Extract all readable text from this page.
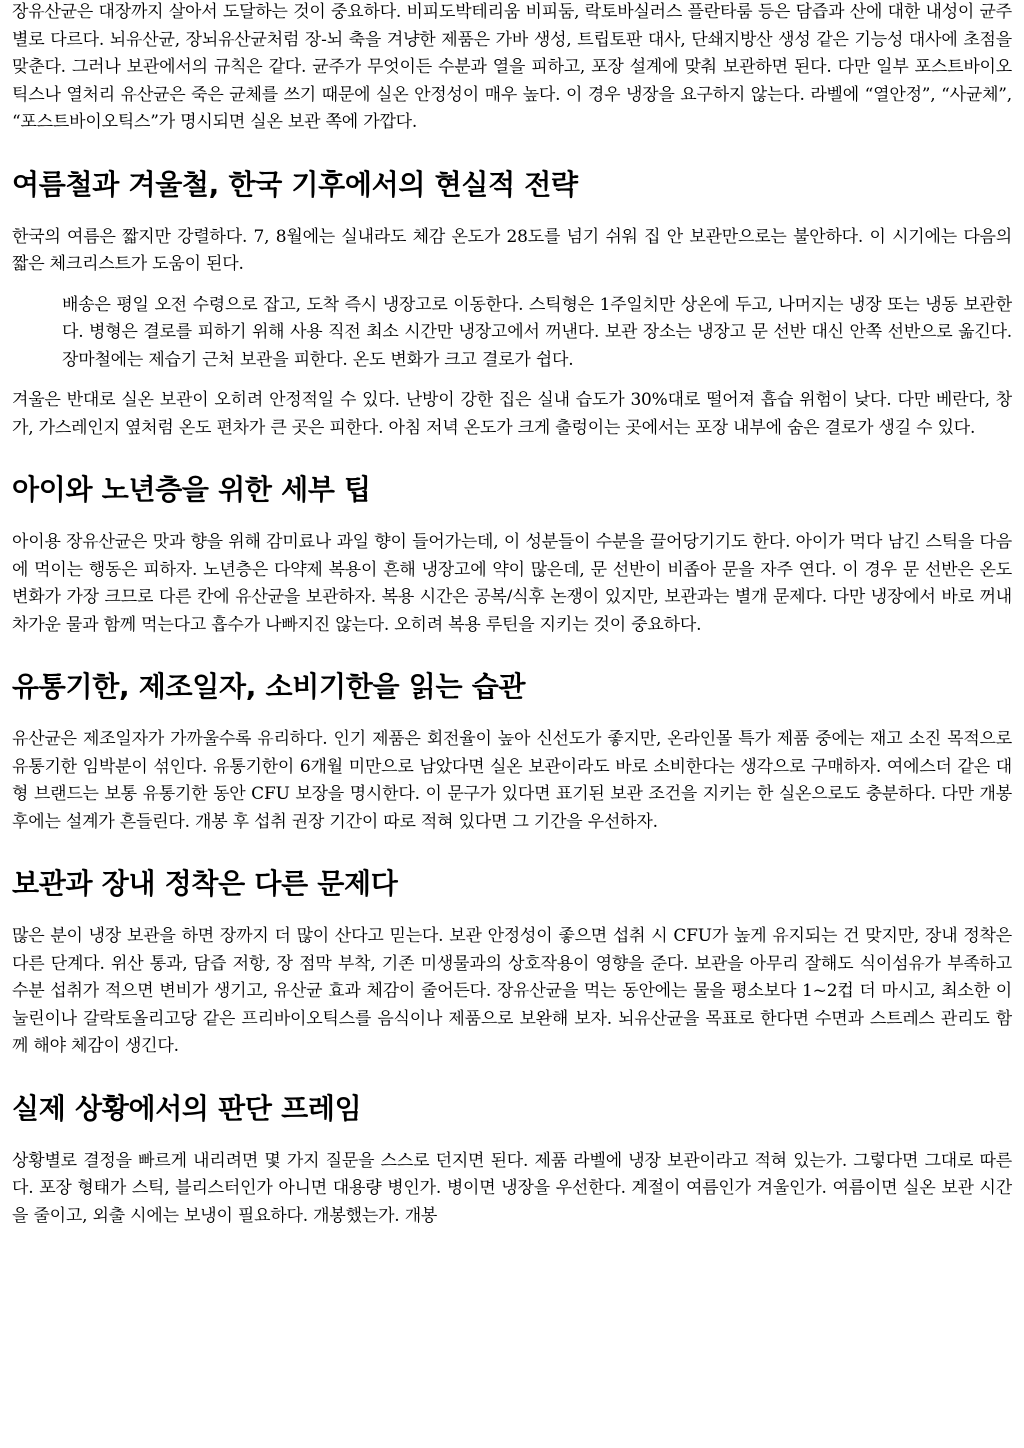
장유산균은 대장까지 살아서 도달하는 것이 중요하다. 비피도박테리움 비피둠, 락토바실러스 플란타룸 등은 담즙과 산에 대한 내성이 균주별로 다르다. 뇌유산균, 장뇌유산균처럼 장-뇌 축을 겨냥한 제품은 가바 생성, 트립토판 대사, 단쇄지방산 생성 같은 기능성 대사에 초점을 맞춘다. 그러나 보관에서의 규칙은 같다. 균주가 무엇이든 수분과 열을 피하고, 포장 설계에 맞춰 보관하면 된다. 다만 일부 포스트바이오틱스나 열처리 유산균은 죽은 균체를 쓰기 때문에 실온 안정성이 매우 높다. 이 경우 냉장을 요구하지 않는다. 라벨에 “열안정”, “사균체”, “포스트바이오틱스”가 명시되면 실온 보관 쪽에 가깝다.

여름철과 겨울철, 한국 기후에서의 현실적 전략

한국의 여름은 짧지만 강렬하다. 7, 8월에는 실내라도 체감 온도가 28도를 넘기 쉬워 집 안 보관만으로는 불안하다. 이 시기에는 다음의 짧은 체크리스트가 도움이 된다.

배송은 평일 오전 수령으로 잡고, 도착 즉시 냉장고로 이동한다. 스틱형은 1주일치만 상온에 두고, 나머지는 냉장 또는 냉동 보관한다. 병형은 결로를 피하기 위해 사용 직전 최소 시간만 냉장고에서 꺼낸다. 보관 장소는 냉장고 문 선반 대신 안쪽 선반으로 옮긴다. 장마철에는 제습기 근처 보관을 피한다. 온도 변화가 크고 결로가 쉽다.

겨울은 반대로 실온 보관이 오히려 안정적일 수 있다. 난방이 강한 집은 실내 습도가 30%대로 떨어져 흡습 위험이 낮다. 다만 베란다, 창가, 가스레인지 옆처럼 온도 편차가 큰 곳은 피한다. 아침 저녁 온도가 크게 출렁이는 곳에서는 포장 내부에 숨은 결로가 생길 수 있다.

아이와 노년층을 위한 세부 팁

아이용 장유산균은 맛과 향을 위해 감미료나 과일 향이 들어가는데, 이 성분들이 수분을 끌어당기기도 한다. 아이가 먹다 남긴 스틱을 다음에 먹이는 행동은 피하자. 노년층은 다약제 복용이 흔해 냉장고에 약이 많은데, 문 선반이 비좁아 문을 자주 연다. 이 경우 문 선반은 온도 변화가 가장 크므로 다른 칸에 유산균을 보관하자. 복용 시간은 공복/식후 논쟁이 있지만, 보관과는 별개 문제다. 다만 냉장에서 바로 꺼내 차가운 물과 함께 먹는다고 흡수가 나빠지진 않는다. 오히려 복용 루틴을 지키는 것이 중요하다.

유통기한, 제조일자, 소비기한을 읽는 습관

유산균은 제조일자가 가까울수록 유리하다. 인기 제품은 회전율이 높아 신선도가 좋지만, 온라인몰 특가 제품 중에는 재고 소진 목적으로 유통기한 임박분이 섞인다. 유통기한이 6개월 미만으로 남았다면 실온 보관이라도 바로 소비한다는 생각으로 구매하자. 여에스더 같은 대형 브랜드는 보통 유통기한 동안 CFU 보장을 명시한다. 이 문구가 있다면 표기된 보관 조건을 지키는 한 실온으로도 충분하다. 다만 개봉 후에는 설계가 흔들린다. 개봉 후 섭취 권장 기간이 따로 적혀 있다면 그 기간을 우선하자.

보관과 장내 정착은 다른 문제다

많은 분이 냉장 보관을 하면 장까지 더 많이 산다고 믿는다. 보관 안정성이 좋으면 섭취 시 CFU가 높게 유지되는 건 맞지만, 장내 정착은 다른 단계다. 위산 통과, 담즙 저항, 장 점막 부착, 기존 미생물과의 상호작용이 영향을 준다. 보관을 아무리 잘해도 식이섬유가 부족하고 수분 섭취가 적으면 변비가 생기고, 유산균 효과 체감이 줄어든다. 장유산균을 먹는 동안에는 물을 평소보다 1~2컵 더 마시고, 최소한 이눌린이나 갈락토올리고당 같은 프리바이오틱스를 음식이나 제품으로 보완해 보자. 뇌유산균을 목표로 한다면 수면과 스트레스 관리도 함께 해야 체감이 생긴다.

실제 상황에서의 판단 프레임

상황별로 결정을 빠르게 내리려면 몇 가지 질문을 스스로 던지면 된다. 제품 라벨에 냉장 보관이라고 적혀 있는가. 그렇다면 그대로 따른다. 포장 형태가 스틱, 블리스터인가 아니면 대용량 병인가. 병이면 냉장을 우선한다. 계절이 여름인가 겨울인가. 여름이면 실온 보관 시간을 줄이고, 외출 시에는 보냉이 필요하다. 개봉했는가. 개봉
